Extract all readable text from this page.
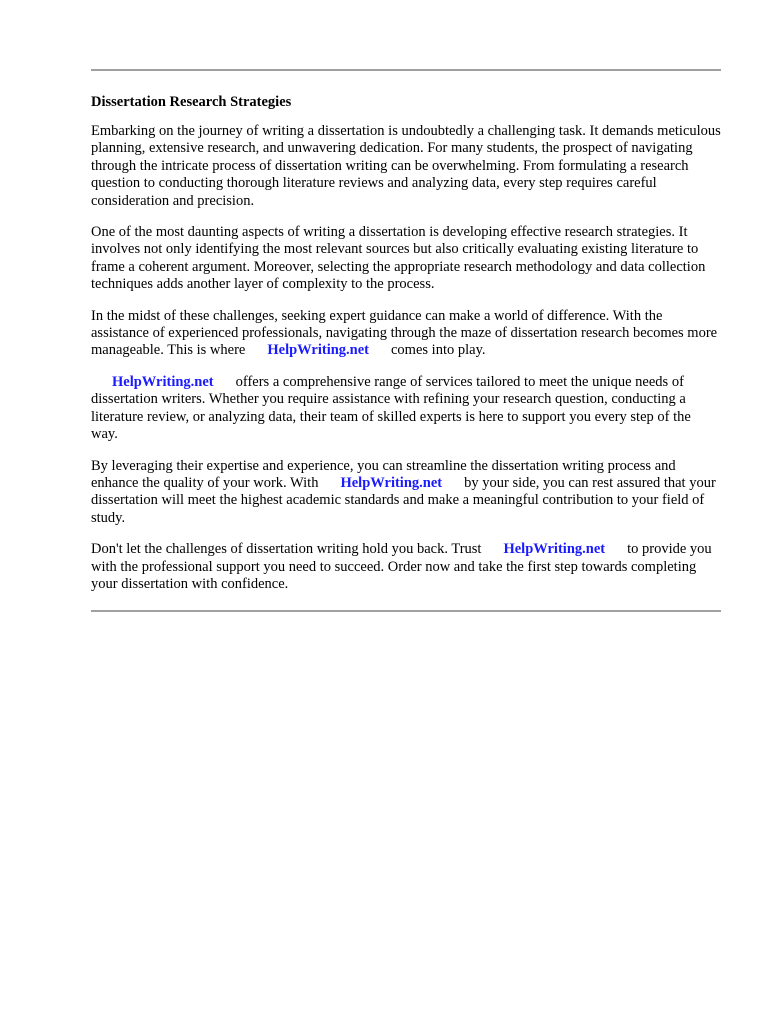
Dissertation Research Strategies

Embarking on the journey of writing a dissertation is undoubtedly a challenging task. It demands meticulous planning, extensive research, and unwavering dedication. For many students, the prospect of navigating through the intricate process of dissertation writing can be overwhelming. From formulating a research question to conducting thorough literature reviews and analyzing data, every step requires careful consideration and precision.

One of the most daunting aspects of writing a dissertation is developing effective research strategies. It involves not only identifying the most relevant sources but also critically evaluating existing literature to frame a coherent argument. Moreover, selecting the appropriate research methodology and data collection techniques adds another layer of complexity to the process.

In the midst of these challenges, seeking expert guidance can make a world of difference. With the assistance of experienced professionals, navigating through the maze of dissertation research becomes more manageable. This is where HelpWriting.net comes into play.

HelpWriting.net offers a comprehensive range of services tailored to meet the unique needs of dissertation writers. Whether you require assistance with refining your research question, conducting a literature review, or analyzing data, their team of skilled experts is here to support you every step of the way.

By leveraging their expertise and experience, you can streamline the dissertation writing process and enhance the quality of your work. With HelpWriting.net by your side, you can rest assured that your dissertation will meet the highest academic standards and make a meaningful contribution to your field of study.

Don't let the challenges of dissertation writing hold you back. Trust HelpWriting.net to provide you with the professional support you need to succeed. Order now and take the first step towards completing your dissertation with confidence.
